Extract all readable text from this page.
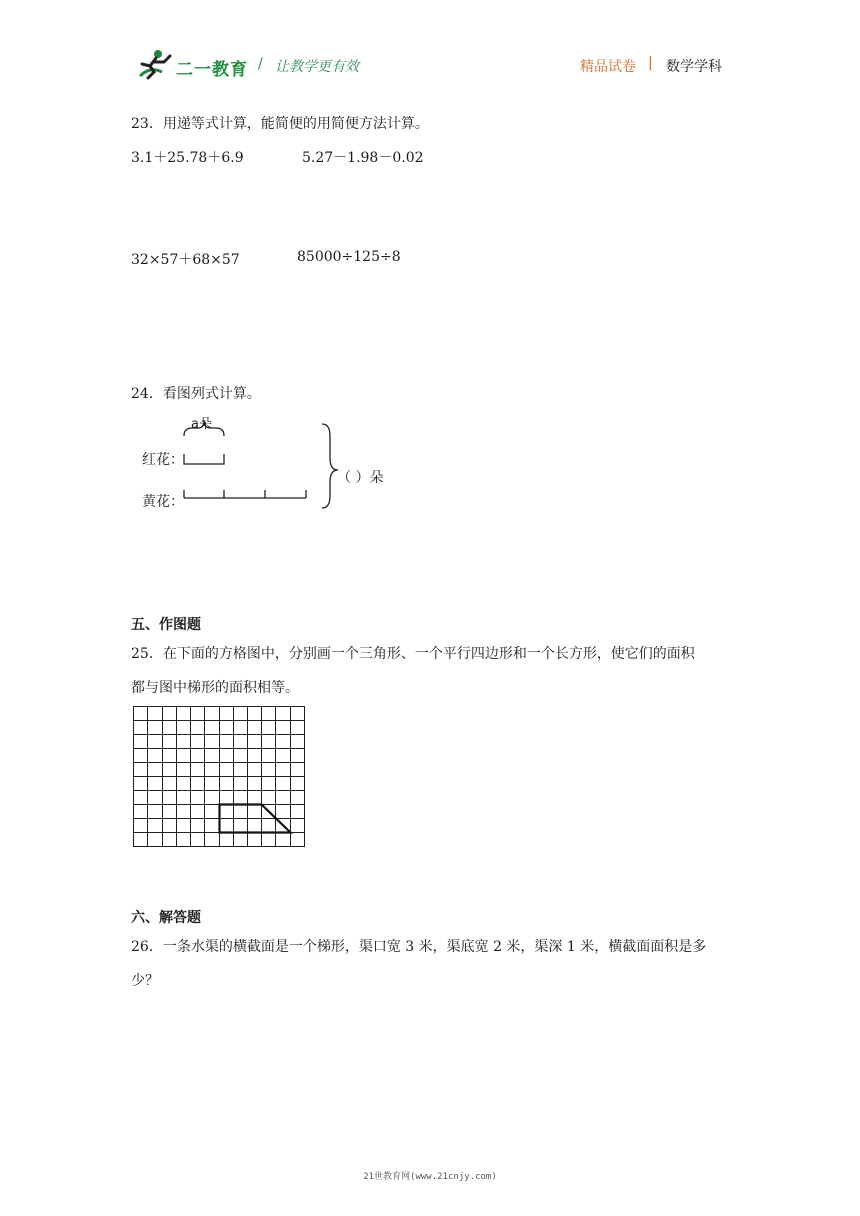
二一教育 / 让教学更有效	精品试卷 | 数学学科
23．用递等式计算，能简便的用简便方法计算。
3.1＋25.78＋6.9	5.27－1.98－0.02
32×57＋68×57	85000÷125÷8
24．看图列式计算。
a朵
红花：
黄花：
（ ）朵
五、作图题
25．在下面的方格图中，分别画一个三角形、一个平行四边形和一个长方形，使它们的面积
都与图中梯形的面积相等。
六、解答题
26．一条水渠的横截面是一个梯形，渠口宽 3 米，渠底宽 2 米，渠深 1 米，横截面面积是多
少？
21世教育网(www.21cnjy.com)
